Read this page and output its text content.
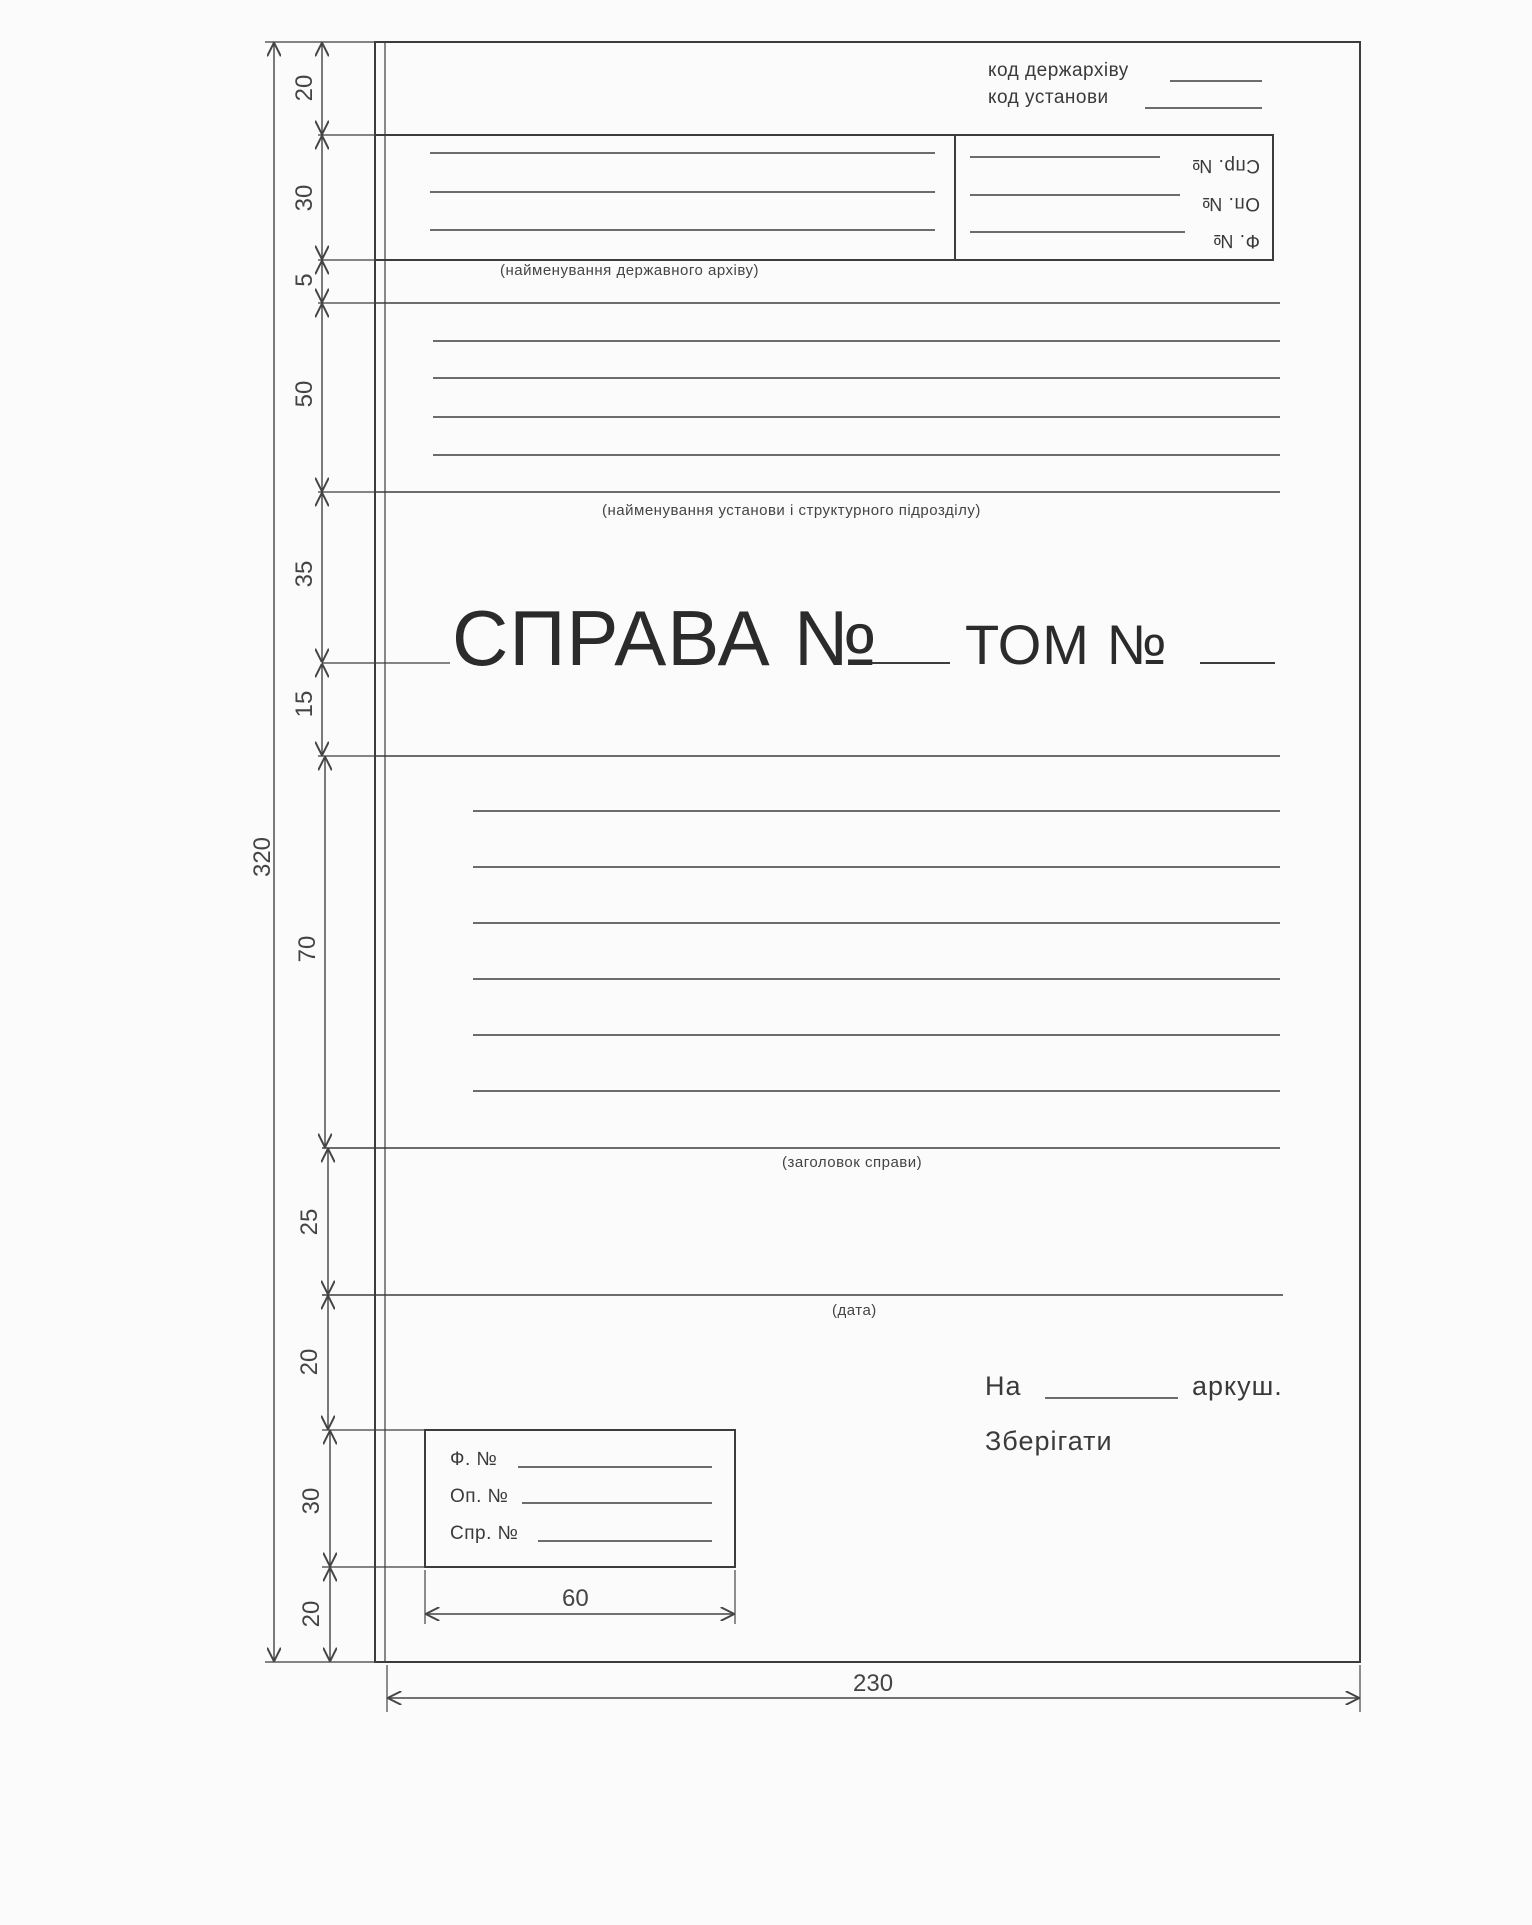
код держархіву
код установи
Спр. №
Оп. №
Ф. №
(найменування державного архіву)
(найменування установи і структурного підрозділу)
СПРАВА № ТОМ №
(заголовок справи)
(дата)
На	аркуш.
Зберігати
Ф. №
Оп. №
Спр. №
60
230
320
20
30
5
50
35
15
70
25
20
30
20
